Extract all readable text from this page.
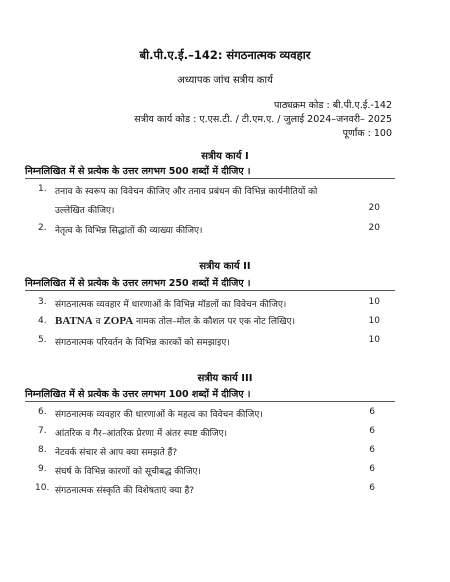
बी.पी.ए.ई.–142: संगठनात्मक व्यवहार
अध्यापक जांच सत्रीय कार्य
पाठ्यक्रम कोड : बी.पी.ए.ई.-142
सत्रीय कार्य कोड : ए.एस.टी. / टी.एम.ए. / जुलाई 2024–जनवरी– 2025
पूर्णांक : 100
सत्रीय कार्य I
निम्नलिखित में से प्रत्येक के उत्तर लगभग 500 शब्दों में दीजिए ।
1. तनाव के स्वरूप का विवेचन कीजिए और तनाव प्रबंधन की विभिन्न कार्यनीतियों को
उल्लेखित कीजिए।	20
2. नेतृत्व के विभिन्न सिद्धांतों की व्याख्या कीजिए।	20
सत्रीय कार्य II
निम्नलिखित में से प्रत्येक के उत्तर लगभग 250 शब्दों में दीजिए ।
3. संगठनात्मक व्यवहार में धारणाओं के विभिन्न मॉडलों का विवेचन कीजिए।	10
4. BATNA व ZOPA नामक तोल–मोल के कौशल पर एक नोट लिखिए।	10
5. संगठनात्मक परिवर्तन के विभिन्न कारकों को समझाइए।	10
सत्रीय कार्य III
निम्नलिखित में से प्रत्येक के उत्तर लगभग 100 शब्दों में दीजिए ।
6. संगठनात्मक व्यवहार की धारणाओं के महत्व का विवेचन कीजिए।	6
7. आंतरिक व गैर–आंतरिक प्रेरणा में अंतर स्पष्ट कीजिए।	6
8. नेटवर्क संचार से आप क्या समझते हैं?	6
9. संघर्ष के विभिन्न कारणों को सूचीबद्ध कीजिए।	6
10. संगठनात्मक संस्कृति की विशेषताएं क्या है?	6
